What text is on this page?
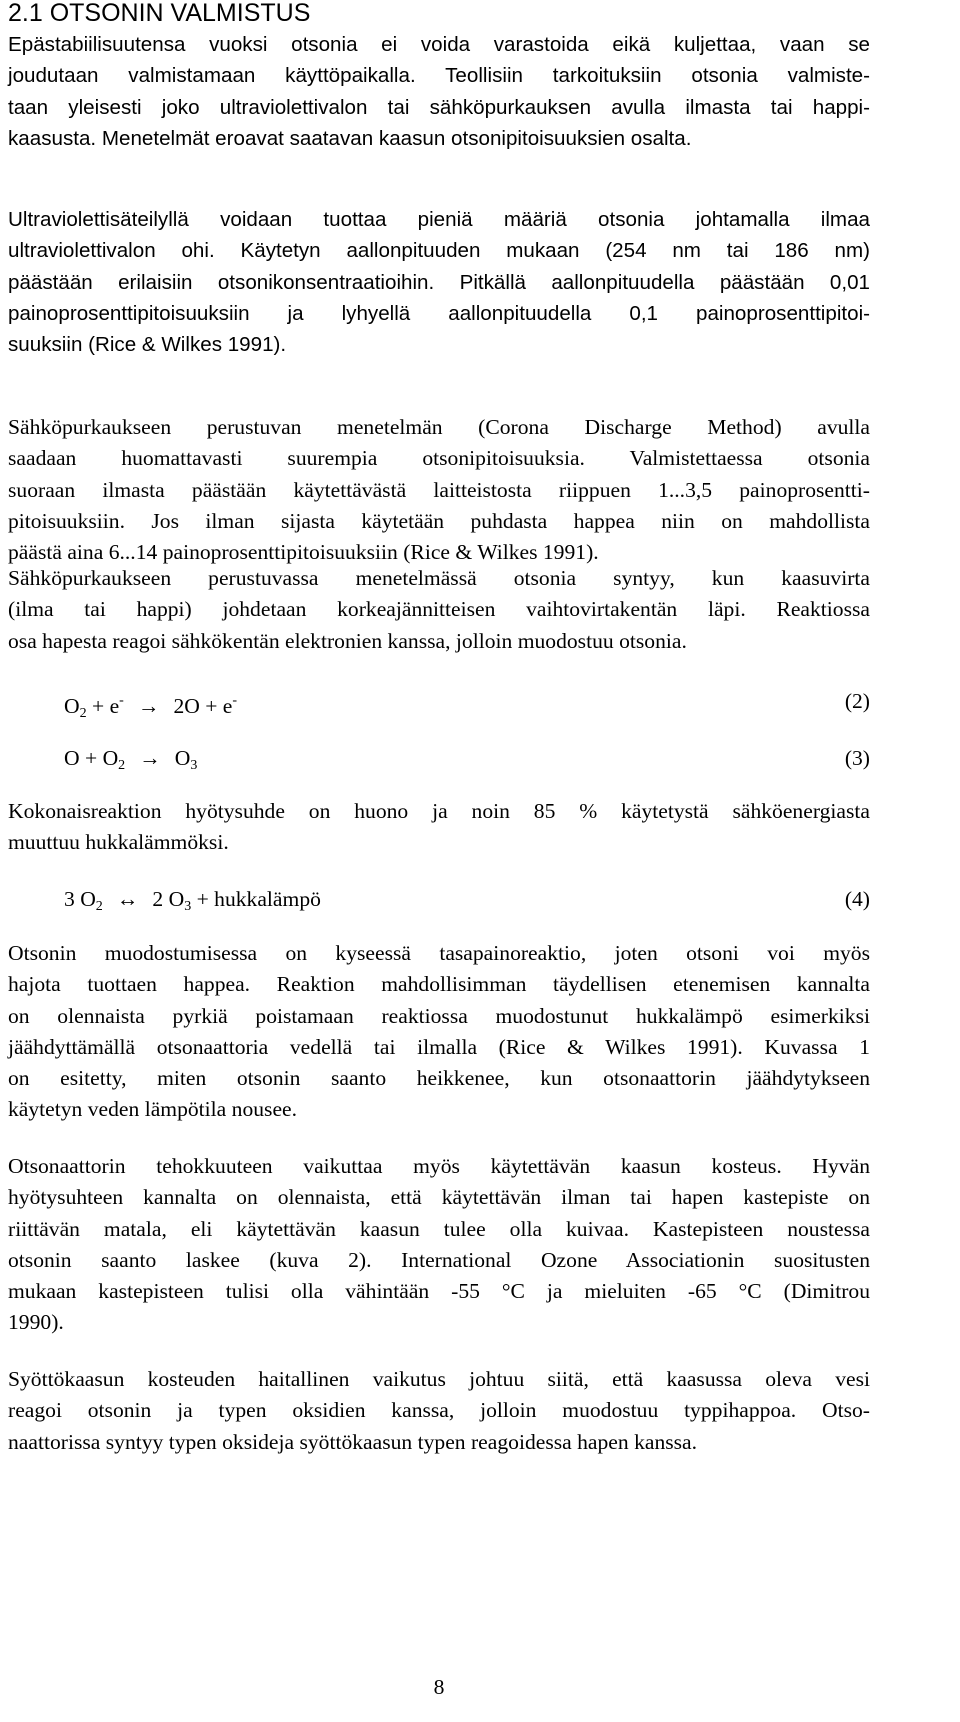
2.1 OTSONIN VALMISTUS

Epästabiilisuutensa vuoksi otsonia ei voida varastoida eikä kuljettaa, vaan se
joudutaan valmistamaan käyttöpaikalla. Teollisiin tarkoituksiin otsonia valmiste-
taan yleisesti joko ultraviolettivalon tai sähköpurkauksen avulla ilmasta tai happi-
kaasusta. Menetelmät eroavat saatavan kaasun otsonipitoisuuksien osalta.

Ultraviolettisäteilyllä voidaan tuottaa pieniä määriä otsonia johtamalla ilmaa
ultraviolettivalon ohi. Käytetyn aallonpituuden mukaan (254 nm tai 186 nm)
päästään erilaisiin otsonikonsentraatioihin. Pitkällä aallonpituudella päästään 0,01
painoprosenttipitoisuuksiin ja lyhyellä aallonpituudella 0,1 painoprosenttipitoi-
suuksiin (Rice & Wilkes 1991).

Sähköpurkaukseen perustuvan menetelmän (Corona Discharge Method) avulla
saadaan huomattavasti suurempia otsonipitoisuuksia. Valmistettaessa otsonia
suoraan ilmasta päästään käytettävästä laitteistosta riippuen 1...3,5 painoprosentti-
pitoisuuksiin. Jos ilman sijasta käytetään puhdasta happea niin on mahdollista
päästä aina 6...14 painoprosenttipitoisuuksiin (Rice & Wilkes 1991).

Sähköpurkaukseen perustuvassa menetelmässä otsonia syntyy, kun kaasuvirta
(ilma tai happi) johdetaan korkeajännitteisen vaihtovirtakentän läpi. Reaktiossa
osa hapesta reagoi sähkökentän elektronien kanssa, jolloin muodostuu otsonia.

$O_2 + e^- \to 2O + e^-$	(2)
$O + O_2 \to O_3$	(3)

Kokonaisreaktion hyötysuhde on huono ja noin 85 % käytetystä sähköenergiasta
muuttuu hukkalämmöksi.

3 $O_2$ ↔ 2 $O_3$ + hukkalämpö	(4)

Otsonin muodostumisessa on kyseessä tasapainoreaktio, joten otsoni voi myös
hajota tuottaen happea. Reaktion mahdollisimman täydellisen etenemisen kannalta
on olennaista pyrkiä poistamaan reaktiossa muodostunut hukkalämpö esimerkiksi
jäähdyttämällä otsonaattoria vedellä tai ilmalla (Rice & Wilkes 1991). Kuvassa 1
on esitetty, miten otsonin saanto heikkenee, kun otsonaattorin jäähdytykseen
käytetyn veden lämpötila nousee.

Otsonaattorin tehokkuuteen vaikuttaa myös käytettävän kaasun kosteus. Hyvän
hyötysuhteen kannalta on olennaista, että käytettävän ilman tai hapen kastepiste on
riittävän matala, eli käytettävän kaasun tulee olla kuivaa. Kastepisteen noustessa
otsonin saanto laskee (kuva 2). International Ozone Associationin suositusten
mukaan kastepisteen tulisi olla vähintään -55 °C ja mieluiten -65 °C (Dimitrou
1990).

Syöttökaasun kosteuden haitallinen vaikutus johtuu siitä, että kaasussa oleva vesi
reagoi otsonin ja typen oksidien kanssa, jolloin muodostuu typpihappoa. Otso-
naattorissa syntyy typen oksideja syöttökaasun typen reagoidessa hapen kanssa.

8
